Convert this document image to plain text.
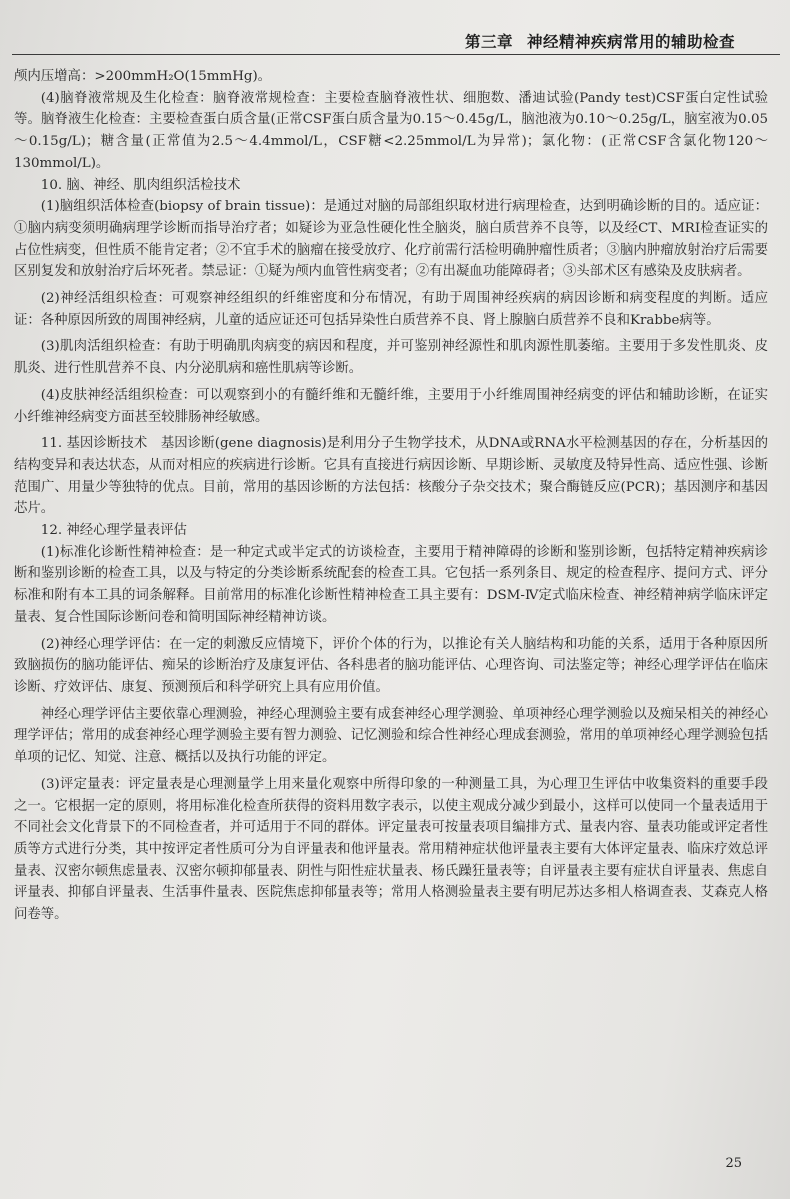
第三章 神经精神疾病常用的辅助检查

颅内压增高：>200mmH₂O(15mmHg)。

(4)脑脊液常规及生化检查：脑脊液常规检查：主要检查脑脊液性状、细胞数、潘迪试验(Pandy test)CSF蛋白定性试验等。脑脊液生化检查：主要检查蛋白质含量(正常CSF蛋白质含量为0.15～0.45g/L，脑池液为0.10～0.25g/L，脑室液为0.05～0.15g/L)；糖含量(正常值为2.5～4.4mmol/L，CSF糖<2.25mmol/L为异常)；氯化物：(正常CSF含氯化物120～130mmol/L)。

10. 脑、神经、肌肉组织活检技术

(1)脑组织活体检查(biopsy of brain tissue)：是通过对脑的局部组织取材进行病理检查，达到明确诊断的目的。适应证：①脑内病变须明确病理学诊断而指导治疗者；如疑诊为亚急性硬化性全脑炎，脑白质营养不良等，以及经CT、MRI检查证实的占位性病变，但性质不能肯定者；②不宜手术的脑瘤在接受放疗、化疗前需行活检明确肿瘤性质者；③脑内肿瘤放射治疗后需要区别复发和放射治疗后坏死者。禁忌证：①疑为颅内血管性病变者；②有出凝血功能障碍者；③头部术区有感染及皮肤病者。

(2)神经活组织检查：可观察神经组织的纤维密度和分布情况，有助于周围神经疾病的病因诊断和病变程度的判断。适应证：各种原因所致的周围神经病，儿童的适应证还可包括异染性白质营养不良、肾上腺脑白质营养不良和Krabbe病等。

(3)肌肉活组织检查：有助于明确肌肉病变的病因和程度，并可鉴别神经源性和肌肉源性肌萎缩。主要用于多发性肌炎、皮肌炎、进行性肌营养不良、内分泌肌病和癌性肌病等诊断。

(4)皮肤神经活组织检查：可以观察到小的有髓纤维和无髓纤维，主要用于小纤维周围神经病变的评估和辅助诊断，在证实小纤维神经病变方面甚至较腓肠神经敏感。

11. 基因诊断技术　基因诊断(gene diagnosis)是利用分子生物学技术，从DNA或RNA水平检测基因的存在，分析基因的结构变异和表达状态，从而对相应的疾病进行诊断。它具有直接进行病因诊断、早期诊断、灵敏度及特异性高、适应性强、诊断范围广、用量少等独特的优点。目前，常用的基因诊断的方法包括：核酸分子杂交技术；聚合酶链反应(PCR)；基因测序和基因芯片。

12. 神经心理学量表评估

(1)标准化诊断性精神检查：是一种定式或半定式的访谈检查，主要用于精神障碍的诊断和鉴别诊断，包括特定精神疾病诊断和鉴别诊断的检查工具，以及与特定的分类诊断系统配套的检查工具。它包括一系列条目、规定的检查程序、提问方式、评分标准和附有本工具的词条解释。目前常用的标准化诊断性精神检查工具主要有：DSM-Ⅳ定式临床检查、神经精神病学临床评定量表、复合性国际诊断问卷和简明国际神经精神访谈。

(2)神经心理学评估：在一定的刺激反应情境下，评价个体的行为，以推论有关人脑结构和功能的关系，适用于各种原因所致脑损伤的脑功能评估、痴呆的诊断治疗及康复评估、各科患者的脑功能评估、心理咨询、司法鉴定等；神经心理学评估在临床诊断、疗效评估、康复、预测预后和科学研究上具有应用价值。

神经心理学评估主要依靠心理测验，神经心理测验主要有成套神经心理学测验、单项神经心理学测验以及痴呆相关的神经心理学评估；常用的成套神经心理学测验主要有智力测验、记忆测验和综合性神经心理成套测验，常用的单项神经心理学测验包括单项的记忆、知觉、注意、概括以及执行功能的评定。

(3)评定量表：评定量表是心理测量学上用来量化观察中所得印象的一种测量工具，为心理卫生评估中收集资料的重要手段之一。它根据一定的原则，将用标准化检查所获得的资料用数字表示，以使主观成分减少到最小，这样可以使同一个量表适用于不同社会文化背景下的不同检查者，并可适用于不同的群体。评定量表可按量表项目编排方式、量表内容、量表功能或评定者性质等方式进行分类，其中按评定者性质可分为自评量表和他评量表。常用精神症状他评量表主要有大体评定量表、临床疗效总评量表、汉密尔顿焦虑量表、汉密尔顿抑郁量表、阴性与阳性症状量表、杨氏躁狂量表等；自评量表主要有症状自评量表、焦虑自评量表、抑郁自评量表、生活事件量表、医院焦虑抑郁量表等；常用人格测验量表主要有明尼苏达多相人格调查表、艾森克人格问卷等。

25
